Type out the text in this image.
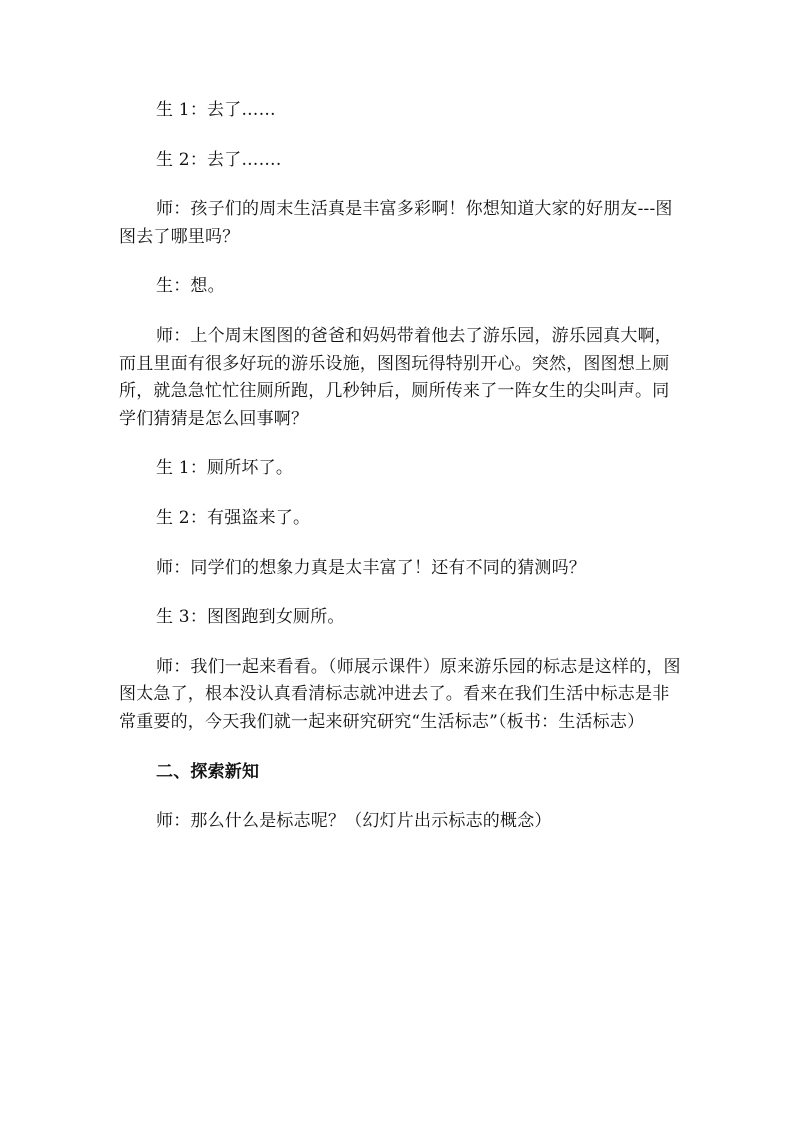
生 1：去了……

生 2：去了…….　

师：孩子们的周末生活真是丰富多彩啊！你想知道大家的好朋友---图图去了哪里吗？

生：想。

师：上个周末图图的爸爸和妈妈带着他去了游乐园，游乐园真大啊，而且里面有很多好玩的游乐设施，图图玩得特别开心。突然，图图想上厕所，就急急忙忙往厕所跑，几秒钟后，厕所传来了一阵女生的尖叫声。同学们猜猜是怎么回事啊？

生 1：厕所坏了。

生 2：有强盗来了。

师：同学们的想象力真是太丰富了！还有不同的猜测吗？

生 3：图图跑到女厕所。

师：我们一起来看看。（师展示课件）原来游乐园的标志是这样的，图图太急了，根本没认真看清标志就冲进去了。看来在我们生活中标志是非常重要的，今天我们就一起来研究研究“生活标志”（板书：生活标志）

二、探索新知

师：那么什么是标志呢？（幻灯片出示标志的概念）
